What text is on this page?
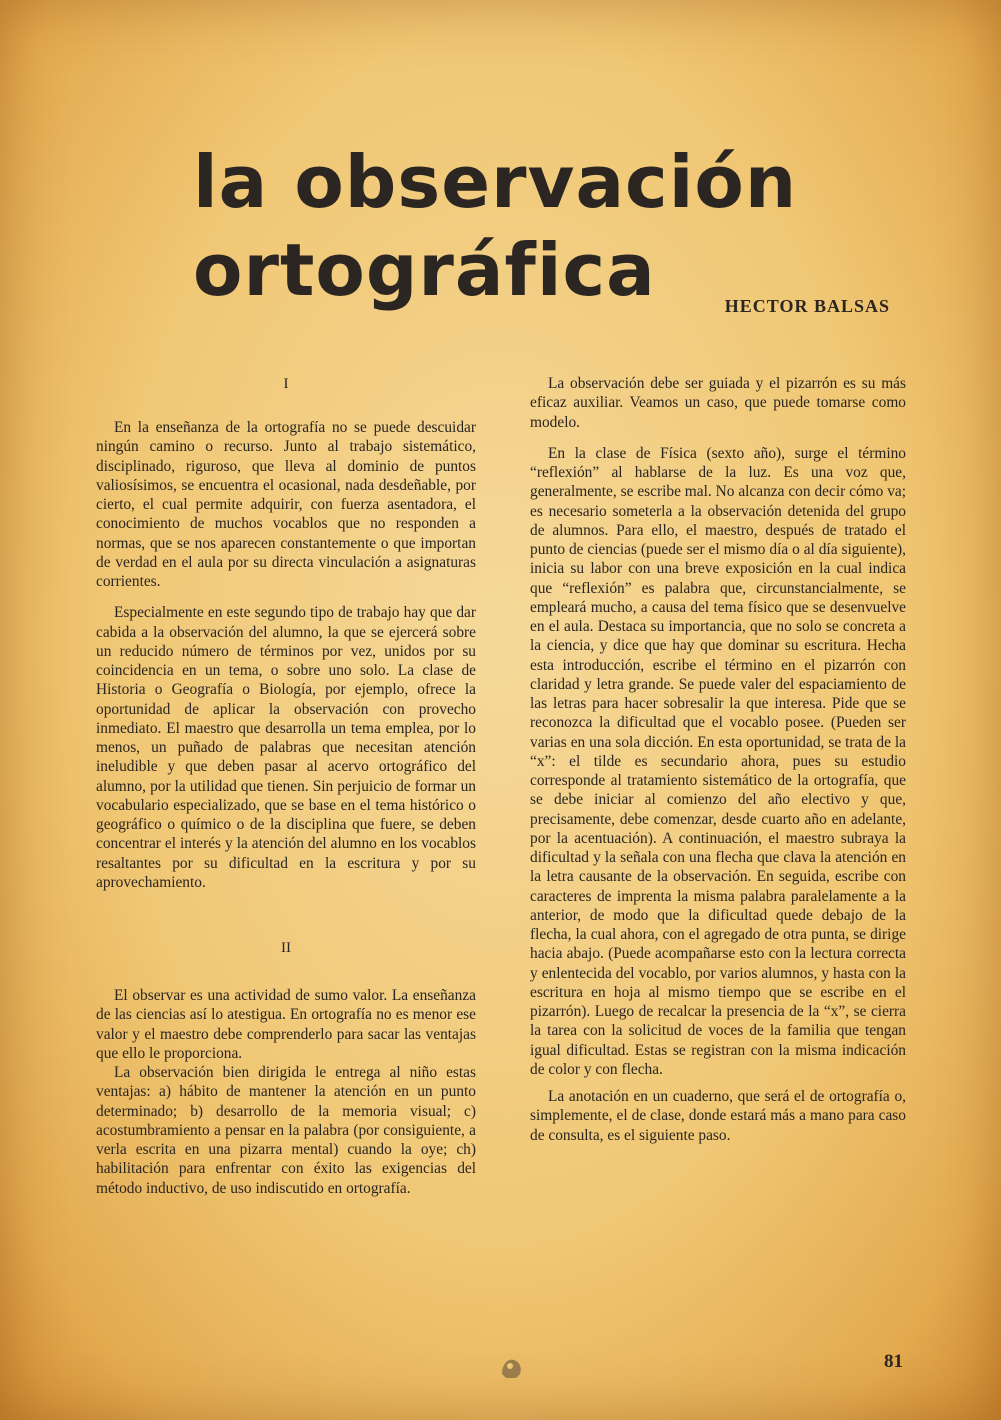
la observación
ortográfica	HECTOR BALSAS
I

En la enseñanza de la ortografía no se puede descuidar ningún camino o recurso. Junto al trabajo sistemático, disciplinado, riguroso, que lleva al dominio de puntos valiosísimos, se encuentra el ocasional, nada desdeñable, por cierto, el cual permite adquirir, con fuerza asentadora, el conocimiento de muchos vocablos que no responden a normas, que se nos aparecen constantemente o que importan de verdad en el aula por su directa vinculación a asignaturas corrientes.

Especialmente en este segundo tipo de trabajo hay que dar cabida a la observación del alumno, la que se ejercerá sobre un reducido número de términos por vez, unidos por su coincidencia en un tema, o sobre uno solo. La clase de Historia o Geografía o Biología, por ejemplo, ofrece la oportunidad de aplicar la observación con provecho inmediato. El maestro que desarrolla un tema emplea, por lo menos, un puñado de palabras que necesitan atención ineludible y que deben pasar al acervo ortográfico del alumno, por la utilidad que tienen. Sin perjuicio de formar un vocabulario especializado, que se base en el tema histórico o geográfico o químico o de la disciplina que fuere, se deben concentrar el interés y la atención del alumno en los vocablos resaltantes por su dificultad en la escritura y por su aprovechamiento.

II

El observar es una actividad de sumo valor. La enseñanza de las ciencias así lo atestigua. En ortografía no es menor ese valor y el maestro debe comprenderlo para sacar las ventajas que ello le proporciona.

La observación bien dirigida le entrega al niño estas ventajas: a) hábito de mantener la atención en un punto determinado; b) desarrollo de la memoria visual; c) acostumbramiento a pensar en la palabra (por consiguiente, a verla escrita en una pizarra mental) cuando la oye; ch) habilitación para enfrentar con éxito las exigencias del método inductivo, de uso indiscutido en ortografía.

La observación debe ser guiada y el pizarrón es su más eficaz auxiliar. Veamos un caso, que puede tomarse como modelo.

En la clase de Física (sexto año), surge el término “reflexión” al hablarse de la luz. Es una voz que, generalmente, se escribe mal. No alcanza con decir cómo va; es necesario someterla a la observación detenida del grupo de alumnos. Para ello, el maestro, después de tratado el punto de ciencias (puede ser el mismo día o al día siguiente), inicia su labor con una breve exposición en la cual indica que “reflexión” es palabra que, circunstancialmente, se empleará mucho, a causa del tema físico que se desenvuelve en el aula. Destaca su importancia, que no solo se concreta a la ciencia, y dice que hay que dominar su escritura. Hecha esta introducción, escribe el término en el pizarrón con claridad y letra grande. Se puede valer del espaciamiento de las letras para hacer sobresalir la que interesa. Pide que se reconozca la dificultad que el vocablo posee. (Pueden ser varias en una sola dicción. En esta oportunidad, se trata de la “x”: el tilde es secundario ahora, pues su estudio corresponde al tratamiento sistemático de la ortografía, que se debe iniciar al comienzo del año electivo y que, precisamente, debe comenzar, desde cuarto año en adelante, por la acentuación). A continuación, el maestro subraya la dificultad y la señala con una flecha que clava la atención en la letra causante de la observación. En seguida, escribe con caracteres de imprenta la misma palabra paralelamente a la anterior, de modo que la dificultad quede debajo de la flecha, la cual ahora, con el agregado de otra punta, se dirige hacia abajo. (Puede acompañarse esto con la lectura correcta y enlentecida del vocablo, por varios alumnos, y hasta con la escritura en hoja al mismo tiempo que se escribe en el pizarrón). Luego de recalcar la presencia de la “x”, se cierra la tarea con la solicitud de voces de la familia que tengan igual dificultad. Estas se registran con la misma indicación de color y con flecha.

La anotación en un cuaderno, que será el de ortografía o, simplemente, el de clase, donde estará más a mano para caso de consulta, es el siguiente paso.

81
